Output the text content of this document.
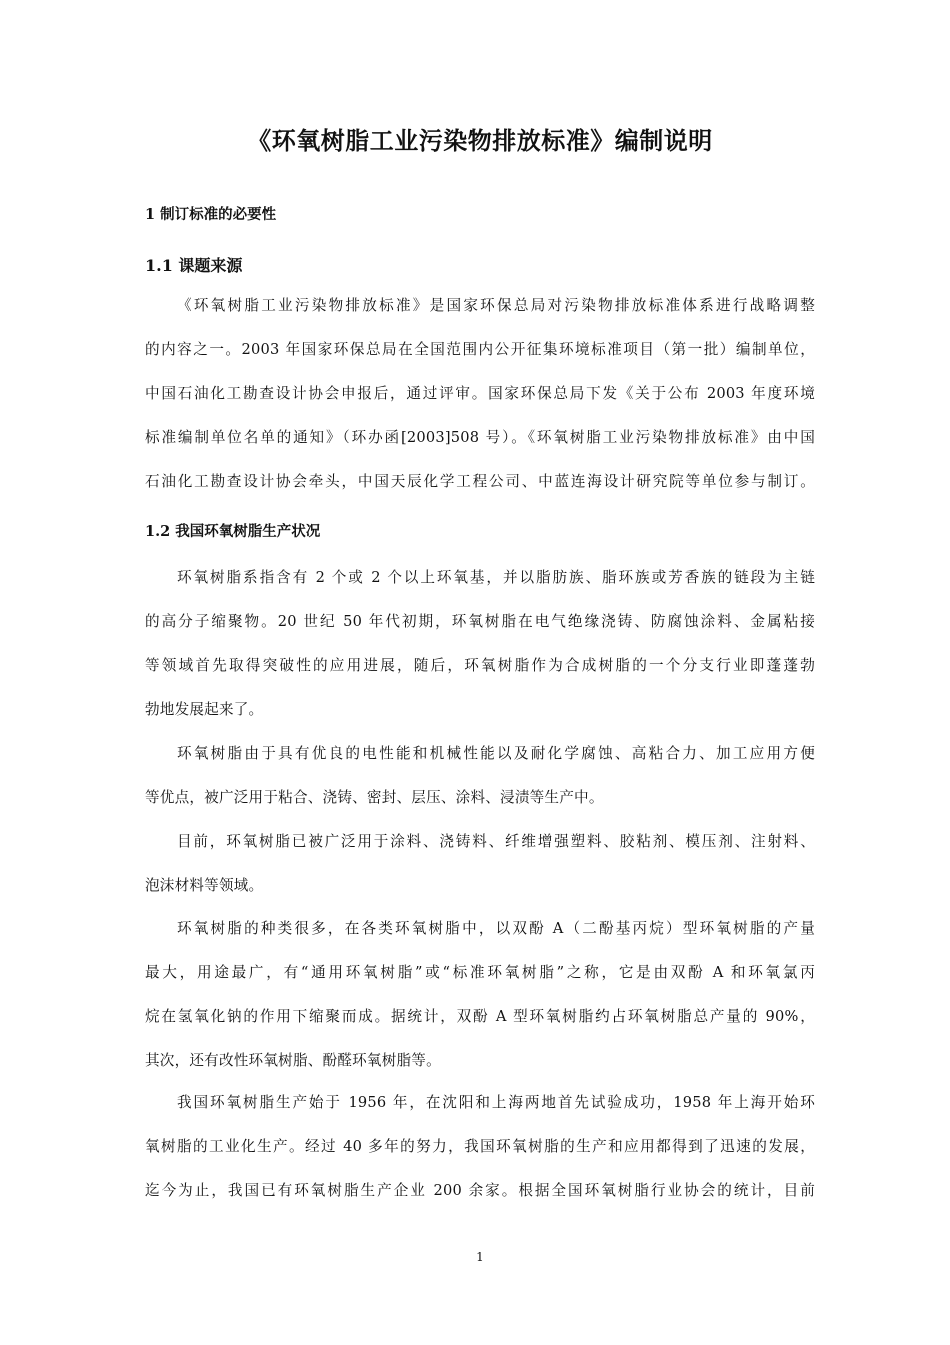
《环氧树脂工业污染物排放标准》编制说明
1 制订标准的必要性
1.1 课题来源
《环氧树脂工业污染物排放标准》是国家环保总局对污染物排放标准体系进行战略调整
的内容之一。2003 年国家环保总局在全国范围内公开征集环境标准项目（第一批）编制单位，
中国石油化工勘查设计协会申报后，通过评审。国家环保总局下发《关于公布 2003 年度环境
标准编制单位名单的通知》（环办函[2003]508 号）。《环氧树脂工业污染物排放标准》由中国
石油化工勘查设计协会牵头，中国天辰化学工程公司、中蓝连海设计研究院等单位参与制订。
1.2 我国环氧树脂生产状况
环氧树脂系指含有 2 个或 2 个以上环氧基，并以脂肪族、脂环族或芳香族的链段为主链
的高分子缩聚物。20 世纪 50 年代初期，环氧树脂在电气绝缘浇铸、防腐蚀涂料、金属粘接
等领域首先取得突破性的应用进展，随后，环氧树脂作为合成树脂的一个分支行业即蓬蓬勃
勃地发展起来了。
环氧树脂由于具有优良的电性能和机械性能以及耐化学腐蚀、高粘合力、加工应用方便
等优点，被广泛用于粘合、浇铸、密封、层压、涂料、浸渍等生产中。
目前，环氧树脂已被广泛用于涂料、浇铸料、纤维增强塑料、胶粘剂、模压剂、注射料、
泡沫材料等领域。
环氧树脂的种类很多，在各类环氧树脂中，以双酚 A（二酚基丙烷）型环氧树脂的产量
最大，用途最广，有“通用环氧树脂”或“标准环氧树脂”之称，它是由双酚 A 和环氧氯丙
烷在氢氧化钠的作用下缩聚而成。据统计，双酚 A 型环氧树脂约占环氧树脂总产量的 90%，
其次，还有改性环氧树脂、酚醛环氧树脂等。
我国环氧树脂生产始于 1956 年，在沈阳和上海两地首先试验成功，1958 年上海开始环
氧树脂的工业化生产。经过 40 多年的努力，我国环氧树脂的生产和应用都得到了迅速的发展，
迄今为止，我国已有环氧树脂生产企业 200 余家。根据全国环氧树脂行业协会的统计，目前
1
